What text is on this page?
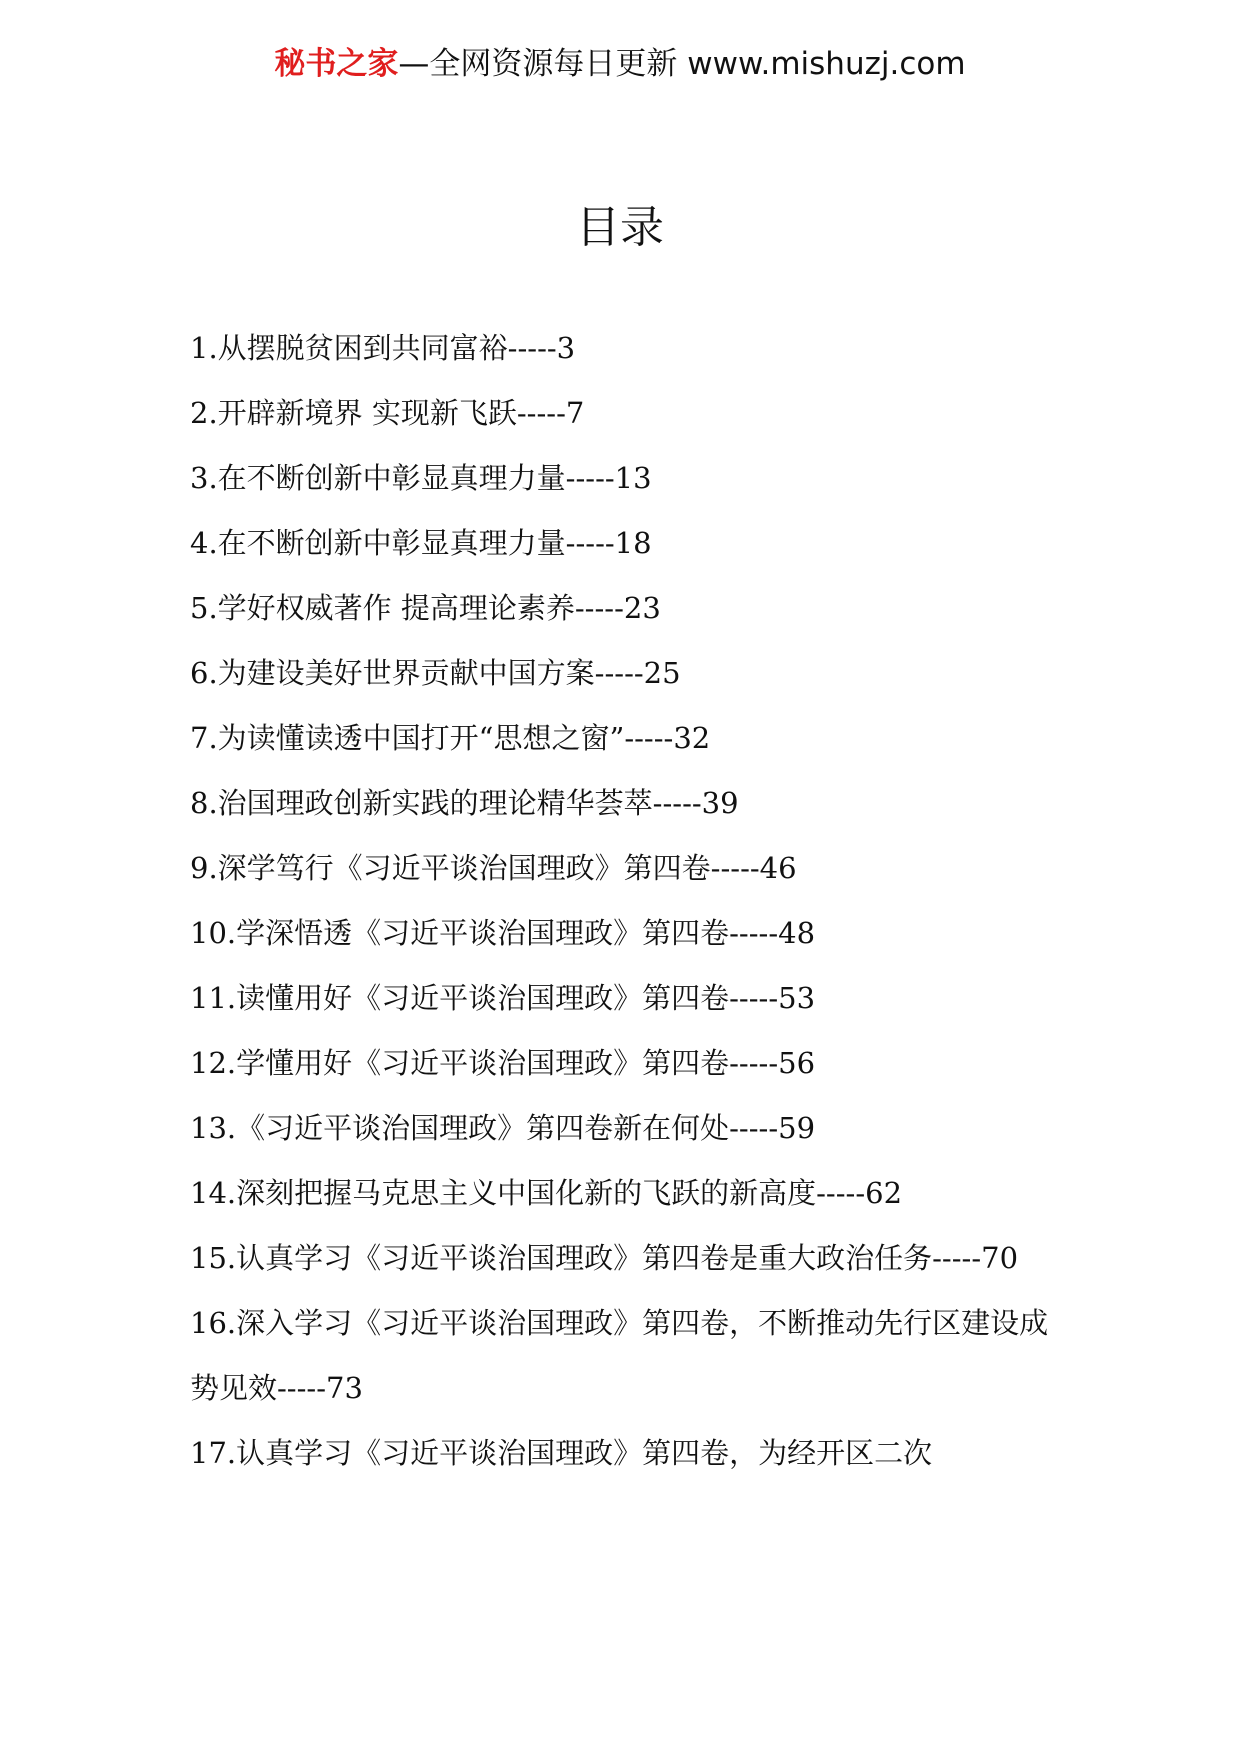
秘书之家—全网资源每日更新 www.mishuzj.com
目录
1.从摆脱贫困到共同富裕-----3
2.开辟新境界 实现新飞跃-----7
3.在不断创新中彰显真理力量-----13
4.在不断创新中彰显真理力量-----18
5.学好权威著作 提高理论素养-----23
6.为建设美好世界贡献中国方案-----25
7.为读懂读透中国打开“思想之窗”-----32
8.治国理政创新实践的理论精华荟萃-----39
9.深学笃行《习近平谈治国理政》第四卷-----46
10.学深悟透《习近平谈治国理政》第四卷-----48
11.读懂用好《习近平谈治国理政》第四卷-----53
12.学懂用好《习近平谈治国理政》第四卷-----56
13.《习近平谈治国理政》第四卷新在何处-----59
14.深刻把握马克思主义中国化新的飞跃的新高度-----62
15.认真学习《习近平谈治国理政》第四卷是重大政治任务-----70
16.深入学习《习近平谈治国理政》第四卷，不断推动先行区建设成势见效-----73
17.认真学习《习近平谈治国理政》第四卷，为经开区二次
